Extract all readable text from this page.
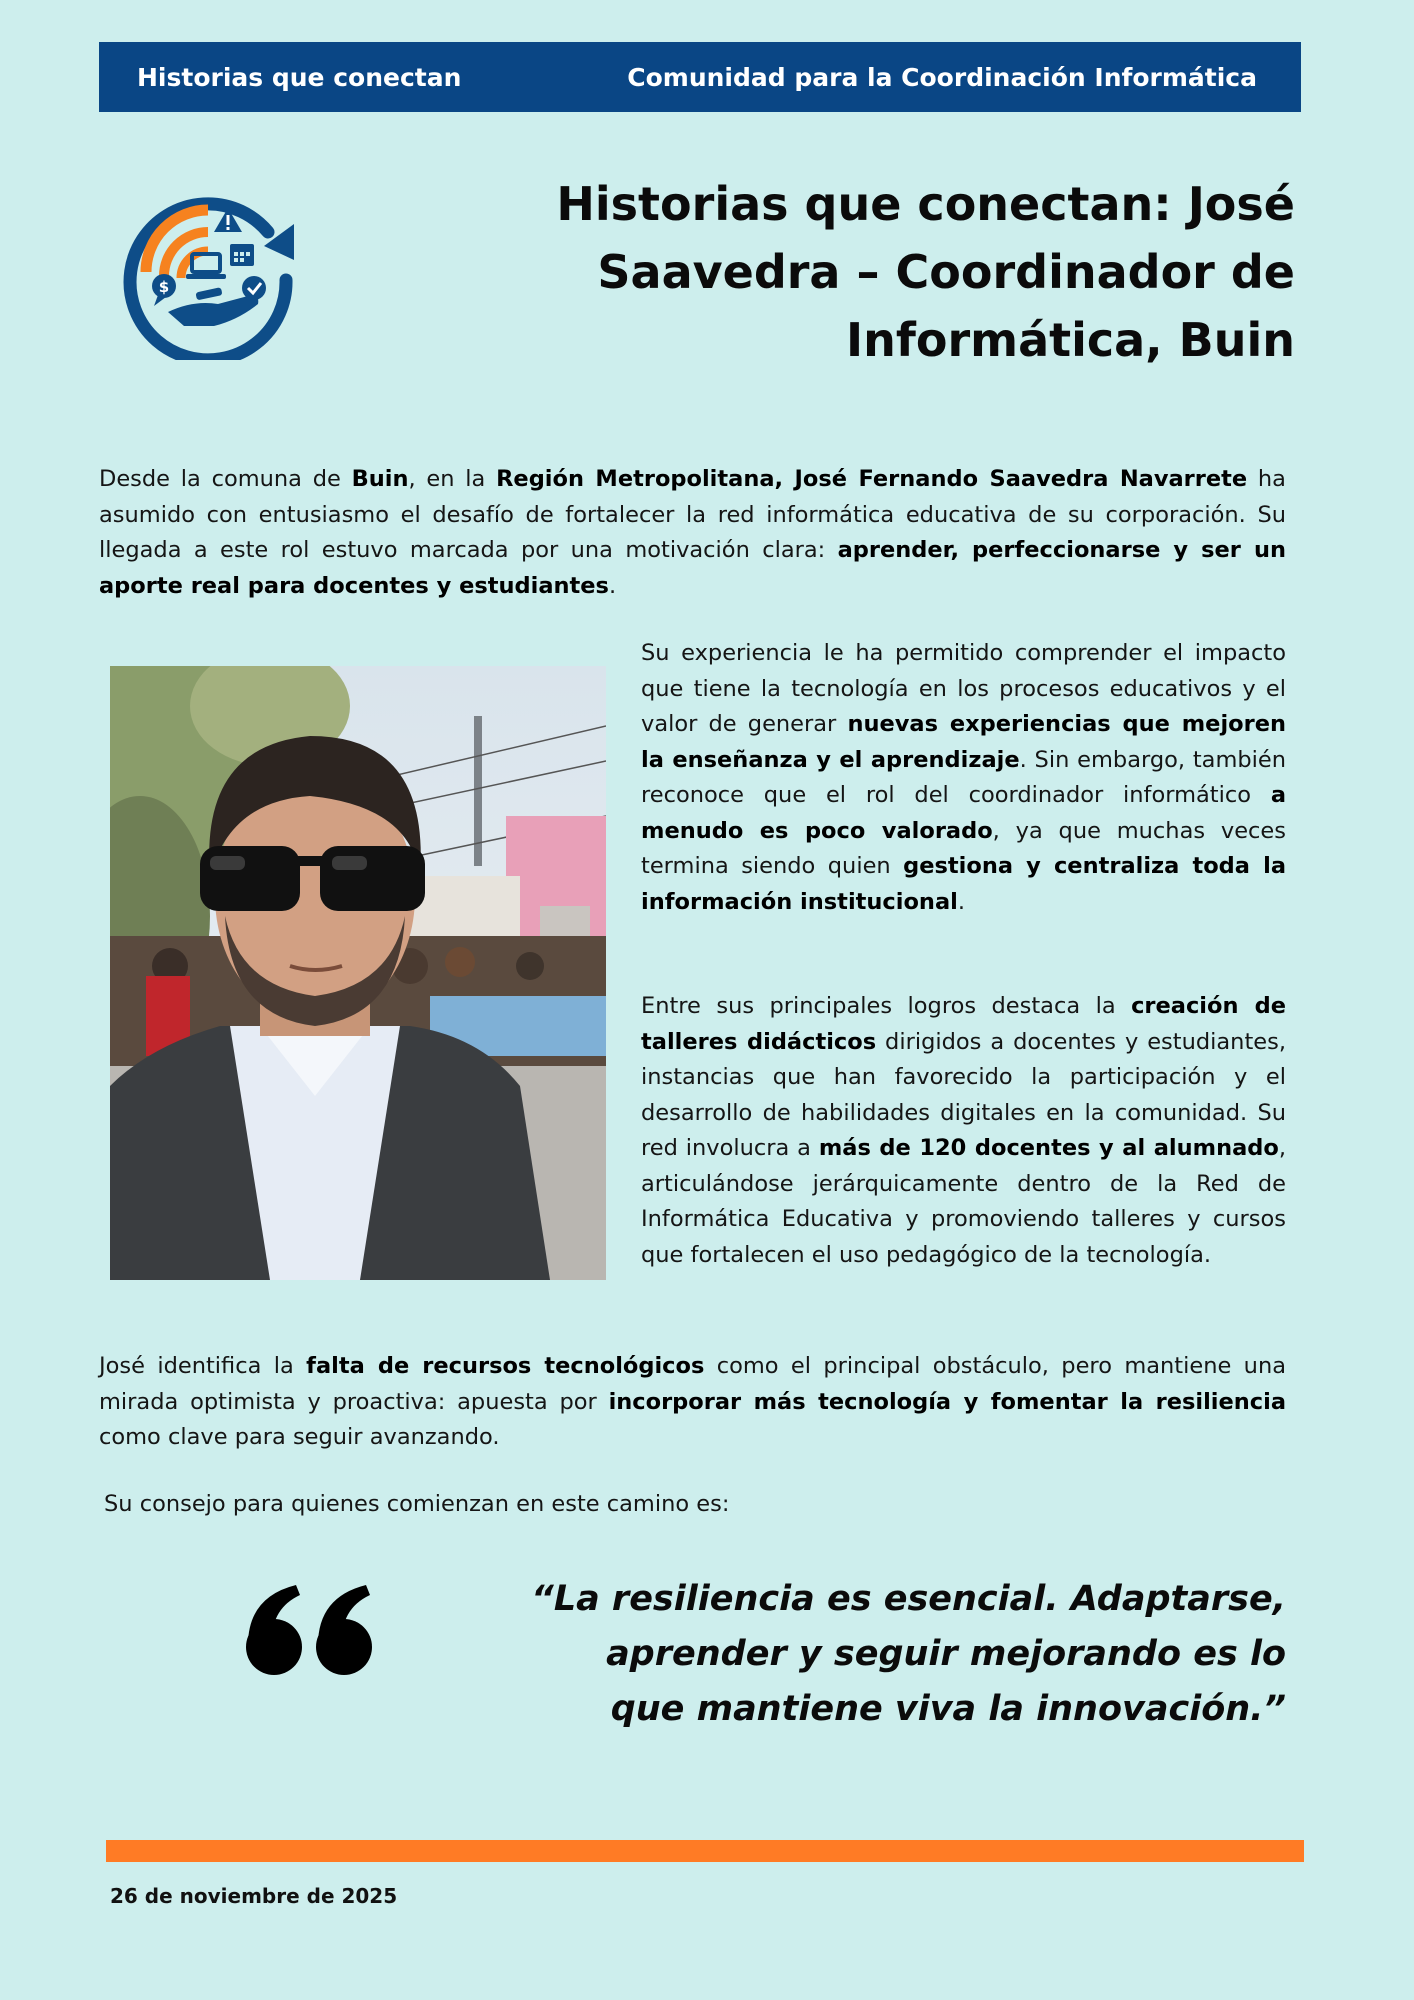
Historias que conectan	Comunidad para la Coordinación Informática
$
Historias que conectan: José Saavedra – Coordinador de Informática, Buin

Desde la comuna de Buin, en la Región Metropolitana, José Fernando Saavedra Navarrete ha asumido con entusiasmo el desafío de fortalecer la red informática educativa de su corporación. Su llegada a este rol estuvo marcada por una motivación clara: aprender, perfeccionarse y ser un aporte real para docentes y estudiantes.

Su experiencia le ha permitido comprender el impacto que tiene la tecnología en los procesos educativos y el valor de generar nuevas experiencias que mejoren la enseñanza y el aprendizaje. Sin embargo, también reconoce que el rol del coordinador informático a menudo es poco valorado, ya que muchas veces termina siendo quien gestiona y centraliza toda la información institucional.

Entre sus principales logros destaca la creación de talleres didácticos dirigidos a docentes y estudiantes, instancias que han favorecido la participación y el desarrollo de habilidades digitales en la comunidad. Su red involucra a más de 120 docentes y al alumnado, articulándose jerárquicamente dentro de la Red de Informática Educativa y promoviendo talleres y cursos que fortalecen el uso pedagógico de la tecnología.

José identifica la falta de recursos tecnológicos como el principal obstáculo, pero mantiene una mirada optimista y proactiva: apuesta por incorporar más tecnología y fomentar la resiliencia como clave para seguir avanzando.

Su consejo para quienes comienzan en este camino es:

“La resiliencia es esencial. Adaptarse, aprender y seguir mejorando es lo que mantiene viva la innovación.”

26 de noviembre de 2025
